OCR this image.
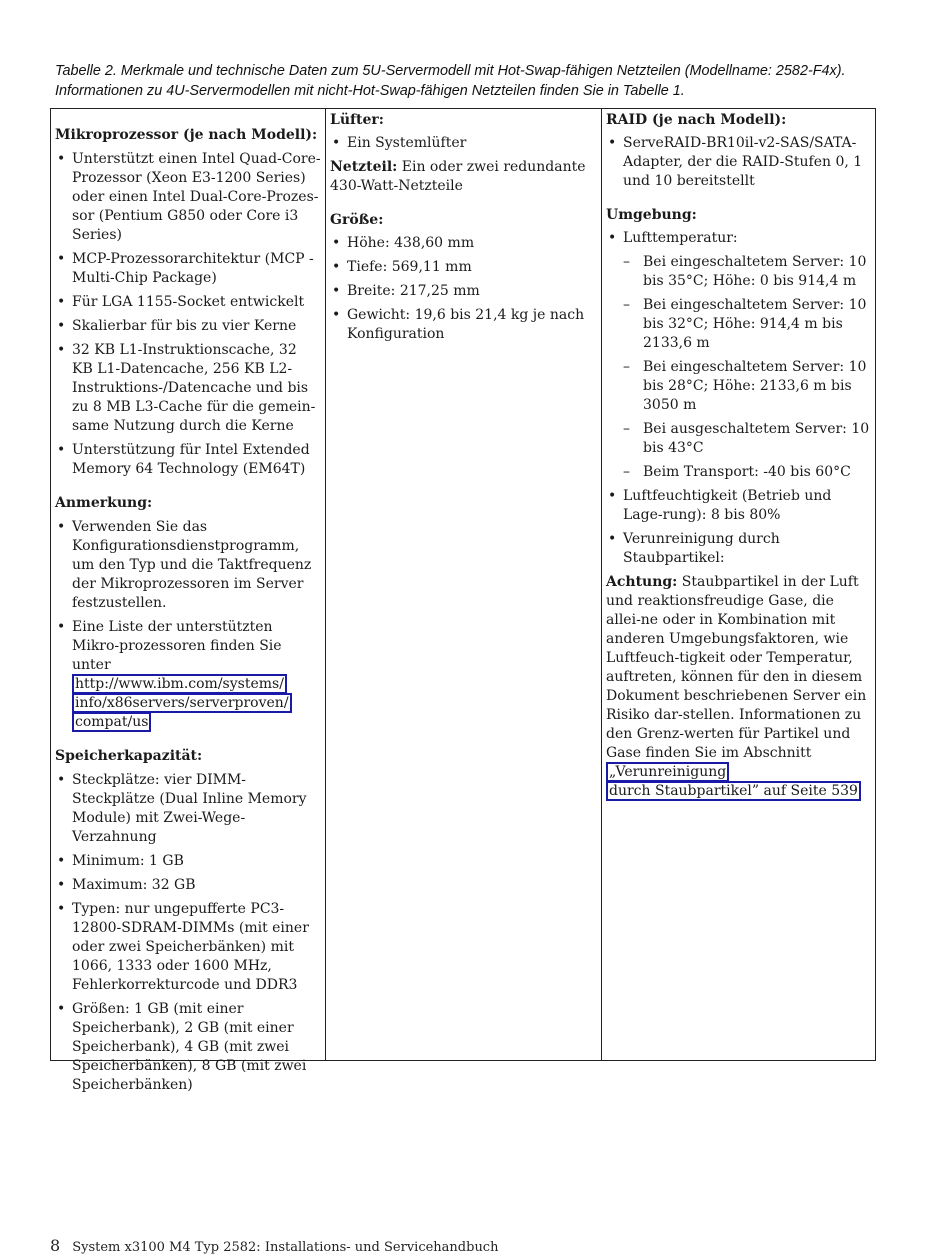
Tabelle 2. Merkmale und technische Daten zum 5U-Servermodell mit Hot-Swap-fähigen Netzteilen (Modellname: 2582-F4x). Informationen zu 4U-Servermodellen mit nicht-Hot-Swap-fähigen Netzteilen finden Sie in Tabelle 1.
Mikroprozessor (je nach Modell):
• Unterstützt einen Intel Quad-Core-Prozessor (Xeon E3-1200 Series) oder einen Intel Dual-Core-Prozes-sor (Pentium G850 oder Core i3 Series)
• MCP-Prozessorarchitektur (MCP - Multi-Chip Package)
• Für LGA 1155-Socket entwickelt
• Skalierbar für bis zu vier Kerne
• 32 KB L1-Instruktionscache, 32 KB L1-Datencache, 256 KB L2-Instruktions-/Datencache und bis zu 8 MB L3-Cache für die gemein-same Nutzung durch die Kerne
• Unterstützung für Intel Extended Memory 64 Technology (EM64T)
Anmerkung:
• Verwenden Sie das Konfigurationsdienstprogramm, um den Typ und die Taktfrequenz der Mikroprozessoren im Server festzustellen.
• Eine Liste der unterstützten Mikro-prozessoren finden Sie unter
http://www.ibm.com/systems/
info/x86servers/serverproven/
compat/us
Speicherkapazität:
• Steckplätze: vier DIMM-Steckplätze (Dual Inline Memory Module) mit Zwei-Wege-Verzahnung
• Minimum: 1 GB
• Maximum: 32 GB
• Typen: nur ungepufferte PC3-12800-SDRAM-DIMMs (mit einer oder zwei Speicherbänken) mit 1066, 1333 oder 1600 MHz, Fehlerkorrekturcode und DDR3
• Größen: 1 GB (mit einer Speicherbank), 2 GB (mit einer Speicherbank), 4 GB (mit zwei Speicherbänken), 8 GB (mit zwei Speicherbänken)
Lüfter:
• Ein Systemlüfter
Netzteil: Ein oder zwei redundante 430-Watt-Netzteile
Größe:
• Höhe: 438,60 mm
• Tiefe: 569,11 mm
• Breite: 217,25 mm
• Gewicht: 19,6 bis 21,4 kg je nach Konfiguration
RAID (je nach Modell):
• ServeRAID-BR10il-v2-SAS/SATA-Adapter, der die RAID-Stufen 0, 1 und 10 bereitstellt
Umgebung:
• Lufttemperatur:
– Bei eingeschaltetem Server: 10 bis 35°C; Höhe: 0 bis 914,4 m
– Bei eingeschaltetem Server: 10 bis 32°C; Höhe: 914,4 m bis 2133,6 m
– Bei eingeschaltetem Server: 10 bis 28°C; Höhe: 2133,6 m bis 3050 m
– Bei ausgeschaltetem Server: 10 bis 43°C
– Beim Transport: -40 bis 60°C
• Luftfeuchtigkeit (Betrieb und Lage-rung): 8 bis 80%
• Verunreinigung durch Staubpartikel:
Achtung: Staubpartikel in der Luft und reaktionsfreudige Gase, die allei-ne oder in Kombination mit anderen Umgebungsfaktoren, wie Luftfeuch-tigkeit oder Temperatur, auftreten, können für den in diesem Dokument beschriebenen Server ein Risiko dar-stellen. Informationen zu den Grenz-werten für Partikel und Gase finden Sie im Abschnitt „Verunreinigung
durch Staubpartikel” auf Seite 539
8 System x3100 M4 Typ 2582: Installations- und Servicehandbuch
